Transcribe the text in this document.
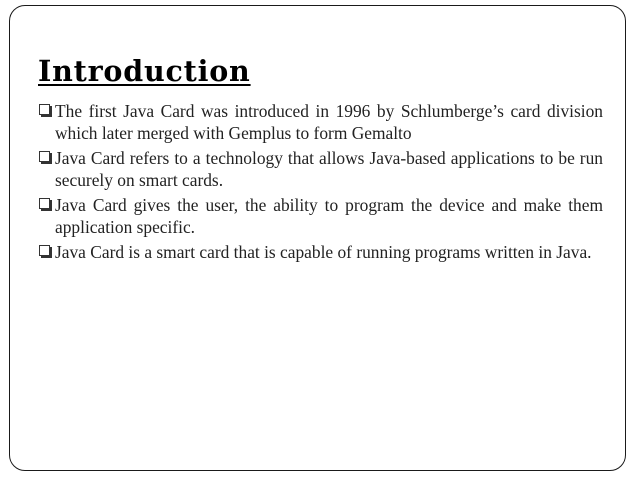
Introduction
The first Java Card was introduced in 1996 by Schlumberge’s card division which later merged with Gemplus to form Gemalto
Java Card refers to a technology that allows Java-based applications to be run securely on smart cards.
Java Card gives the user, the ability to program the device and make them application specific.
Java Card is a smart card that is capable of running programs written in Java.
